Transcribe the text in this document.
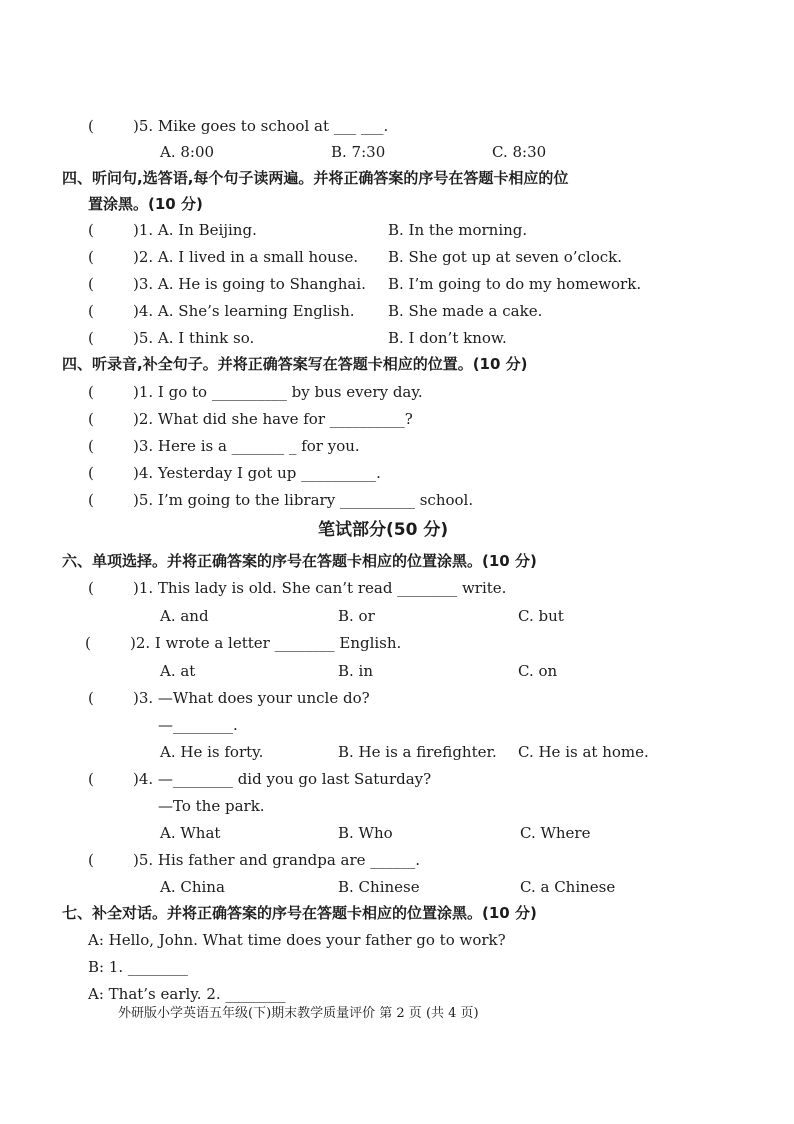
(	)5. Mike goes to school at ___ ___.
A. 8:00	B. 7:30	C. 8:30
四、听问句,选答语,每个句子读两遍。并将正确答案的序号在答题卡相应的位
置涂黑。(10 分)
(	)1. A. In Beijing.	B. In the morning.
(	)2. A. I lived in a small house. B. She got up at seven o’clock.
(	)3. A. He is going to Shanghai. B. I’m going to do my homework.
(	)4. A. She’s learning English. B. She made a cake.
(	)5. A. I think so.	B. I don’t know.
四、听录音,补全句子。并将正确答案写在答题卡相应的位置。(10 分)
(	)1. I go to __________ by bus every day.
(	)2. What did she have for __________?
(	)3. Here is a _______ _ for you.
(	)4. Yesterday I got up __________.
(	)5. I’m going to the library __________ school.
笔试部分(50 分)
六、单项选择。并将正确答案的序号在答题卡相应的位置涂黑。(10 分)
(	)1. This lady is old. She can’t read ________ write.
A. and	B. or	C. but
(	)2. I wrote a letter ________ English.
A. at	B. in	C. on
(	)3. —What does your uncle do?
—________.
A. He is forty.	B. He is a firefighter. C. He is at home.
(	)4. —________ did you go last Saturday?
—To the park.
A. What	B. Who	C. Where
(	)5. His father and grandpa are ______.
A. China	B. Chinese	C. a Chinese
七、补全对话。并将正确答案的序号在答题卡相应的位置涂黑。(10 分)
A: Hello, John. What time does your father go to work?
B: 1. ________
A: That’s early. 2. ________
外研版小学英语五年级(下)期末教学质量评价 第 2 页 (共 4 页)
